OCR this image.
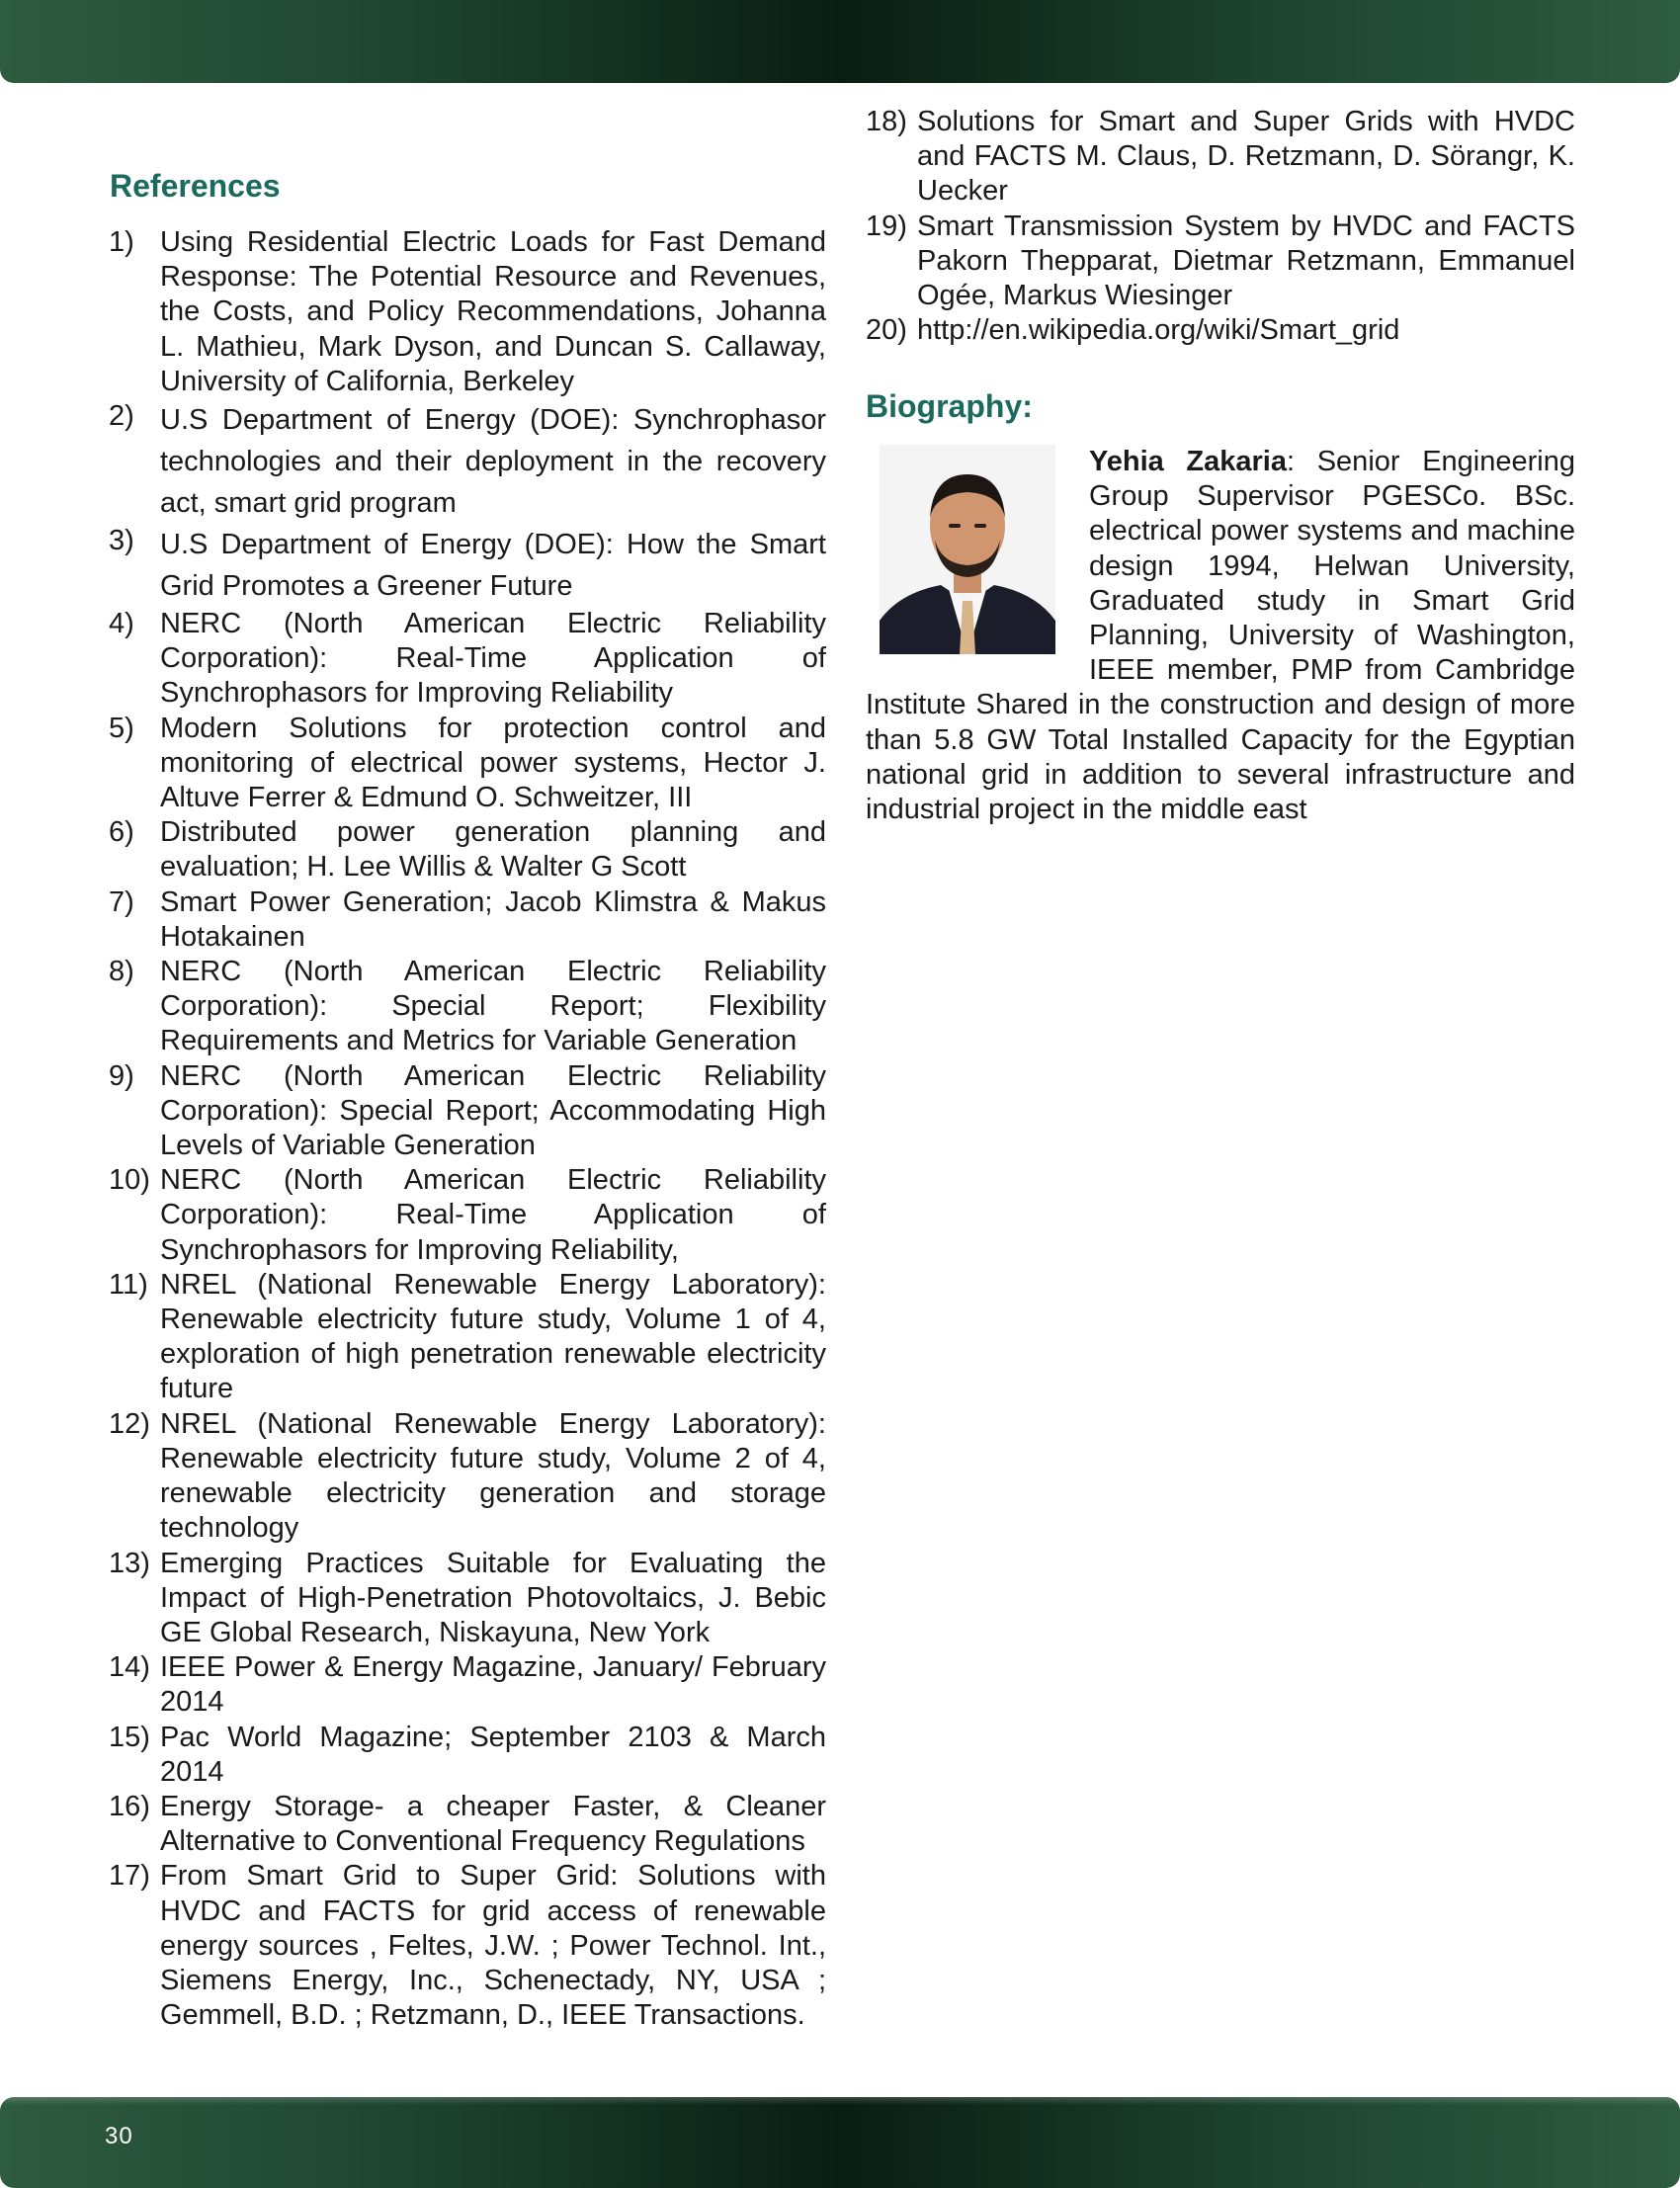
References
1) Using Residential Electric Loads for Fast Demand Response: The Potential Resource and Revenues, the Costs, and Policy Recommendations, Johanna L. Mathieu, Mark Dyson, and Duncan S. Callaway, University of California, Berkeley
2) U.S Department of Energy (DOE): Synchrophasor technologies and their deployment in the recovery act, smart grid program
3) U.S Department of Energy (DOE): How the Smart Grid Promotes a Greener Future
4) NERC (North American Electric Reliability Corporation): Real-Time Application of Synchrophasors for Improving Reliability
5) Modern Solutions for protection control and monitoring of electrical power systems, Hector J. Altuve Ferrer & Edmund O. Schweitzer, III
6) Distributed power generation planning and evaluation; H. Lee Willis & Walter G Scott
7) Smart Power Generation; Jacob Klimstra & Makus Hotakainen
8) NERC (North American Electric Reliability Corporation): Special Report; Flexibility Requirements and Metrics for Variable Generation
9) NERC (North American Electric Reliability Corporation): Special Report; Accommodating High Levels of Variable Generation
10) NERC (North American Electric Reliability Corporation): Real-Time Application of Synchrophasors for Improving Reliability,
11) NREL (National Renewable Energy Laboratory): Renewable electricity future study, Volume 1 of 4, exploration of high penetration renewable electricity future
12) NREL (National Renewable Energy Laboratory): Renewable electricity future study, Volume 2 of 4, renewable electricity generation and storage technology
13) Emerging Practices Suitable for Evaluating the Impact of High-Penetration Photovoltaics, J. Bebic GE Global Research, Niskayuna, New York
14) IEEE Power & Energy Magazine, January/ February 2014
15) Pac World Magazine; September 2103 & March 2014
16) Energy Storage- a cheaper Faster, & Cleaner Alternative to Conventional Frequency Regulations
17) From Smart Grid to Super Grid: Solutions with HVDC and FACTS for grid access of renewable energy sources , Feltes, J.W. ; Power Technol. Int., Siemens Energy, Inc., Schenectady, NY, USA ; Gemmell, B.D. ; Retzmann, D., IEEE Transactions.
18) Solutions for Smart and Super Grids with HVDC and FACTS M. Claus, D. Retzmann, D. Sörangr, K. Uecker
19) Smart Transmission System by HVDC and FACTS Pakorn Thepparat, Dietmar Retzmann, Emmanuel Ogée, Markus Wiesinger
20) http://en.wikipedia.org/wiki/Smart_grid
Biography:
Yehia Zakaria: Senior Engineering Group Supervisor PGESCo. BSc. electrical power systems and machine design 1994, Helwan University, Graduated study in Smart Grid Planning, University of Washington, IEEE member, PMP from Cambridge Institute Shared in the construction and design of more than 5.8 GW Total Installed Capacity for the Egyptian national grid in addition to several infrastructure and industrial project in the middle east
30
